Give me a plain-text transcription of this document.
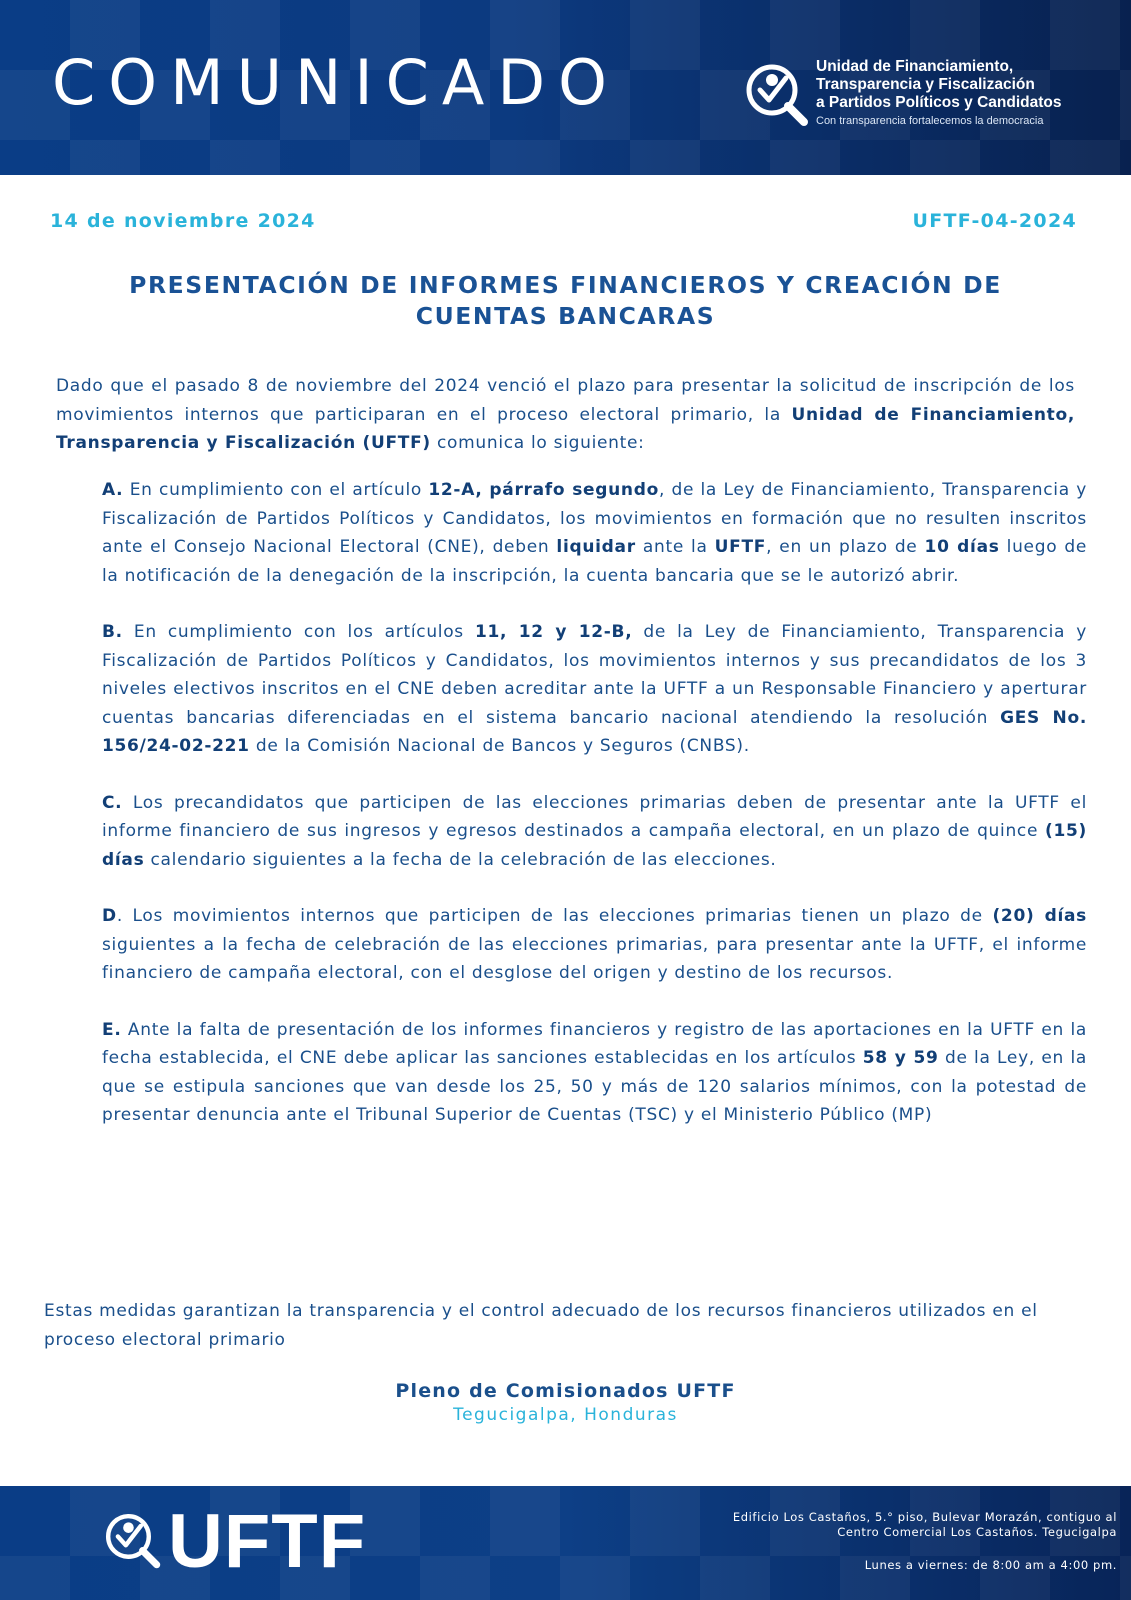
COMUNICADO	Unidad de Financiamiento,
Transparencia y Fiscalización
a Partidos Políticos y Candidatos
Con transparencia fortalecemos la democracia
14 de noviembre 2024	UFTF-04-2024
PRESENTACIÓN DE INFORMES FINANCIEROS Y CREACIÓN DE
CUENTAS BANCARAS
Dado que el pasado 8 de noviembre del 2024 venció el plazo para presentar la solicitud de inscripción de los movimientos internos que participaran en el proceso electoral primario, la Unidad de Financiamiento, Transparencia y Fiscalización (UFTF) comunica lo siguiente:
A. En cumplimiento con el artículo 12-A, párrafo segundo, de la Ley de Financiamiento, Transparencia y Fiscalización de Partidos Políticos y Candidatos, los movimientos en formación que no resulten inscritos ante el Consejo Nacional Electoral (CNE), deben liquidar ante la UFTF, en un plazo de 10 días luego de la notificación de la denegación de la inscripción, la cuenta bancaria que se le autorizó abrir.
B. En cumplimiento con los artículos 11, 12 y 12-B, de la Ley de Financiamiento, Transparencia y Fiscalización de Partidos Políticos y Candidatos, los movimientos internos y sus precandidatos de los 3 niveles electivos inscritos en el CNE deben acreditar ante la UFTF a un Responsable Financiero y aperturar cuentas bancarias diferenciadas en el sistema bancario nacional atendiendo la resolución GES No. 156/24-02-221 de la Comisión Nacional de Bancos y Seguros (CNBS).
C. Los precandidatos que participen de las elecciones primarias deben de presentar ante la UFTF el informe financiero de sus ingresos y egresos destinados a campaña electoral, en un plazo de quince (15) días calendario siguientes a la fecha de la celebración de las elecciones.
D. Los movimientos internos que participen de las elecciones primarias tienen un plazo de (20) días siguientes a la fecha de celebración de las elecciones primarias, para presentar ante la UFTF, el informe financiero de campaña electoral, con el desglose del origen y destino de los recursos.
E. Ante la falta de presentación de los informes financieros y registro de las aportaciones en la UFTF en la fecha establecida, el CNE debe aplicar las sanciones establecidas en los artículos 58 y 59 de la Ley, en la que se estipula sanciones que van desde los 25, 50 y más de 120 salarios mínimos, con la potestad de presentar denuncia ante el Tribunal Superior de Cuentas (TSC) y el Ministerio Público (MP)
Estas medidas garantizan la transparencia y el control adecuado de los recursos financieros utilizados en el proceso electoral primario
Pleno de Comisionados UFTF
Tegucigalpa, Honduras
UFTF	Edificio Los Castaños, 5.° piso, Bulevar Morazán, contiguo al
Centro Comercial Los Castaños. Tegucigalpa
Lunes a viernes: de 8:00 am a 4:00 pm.
